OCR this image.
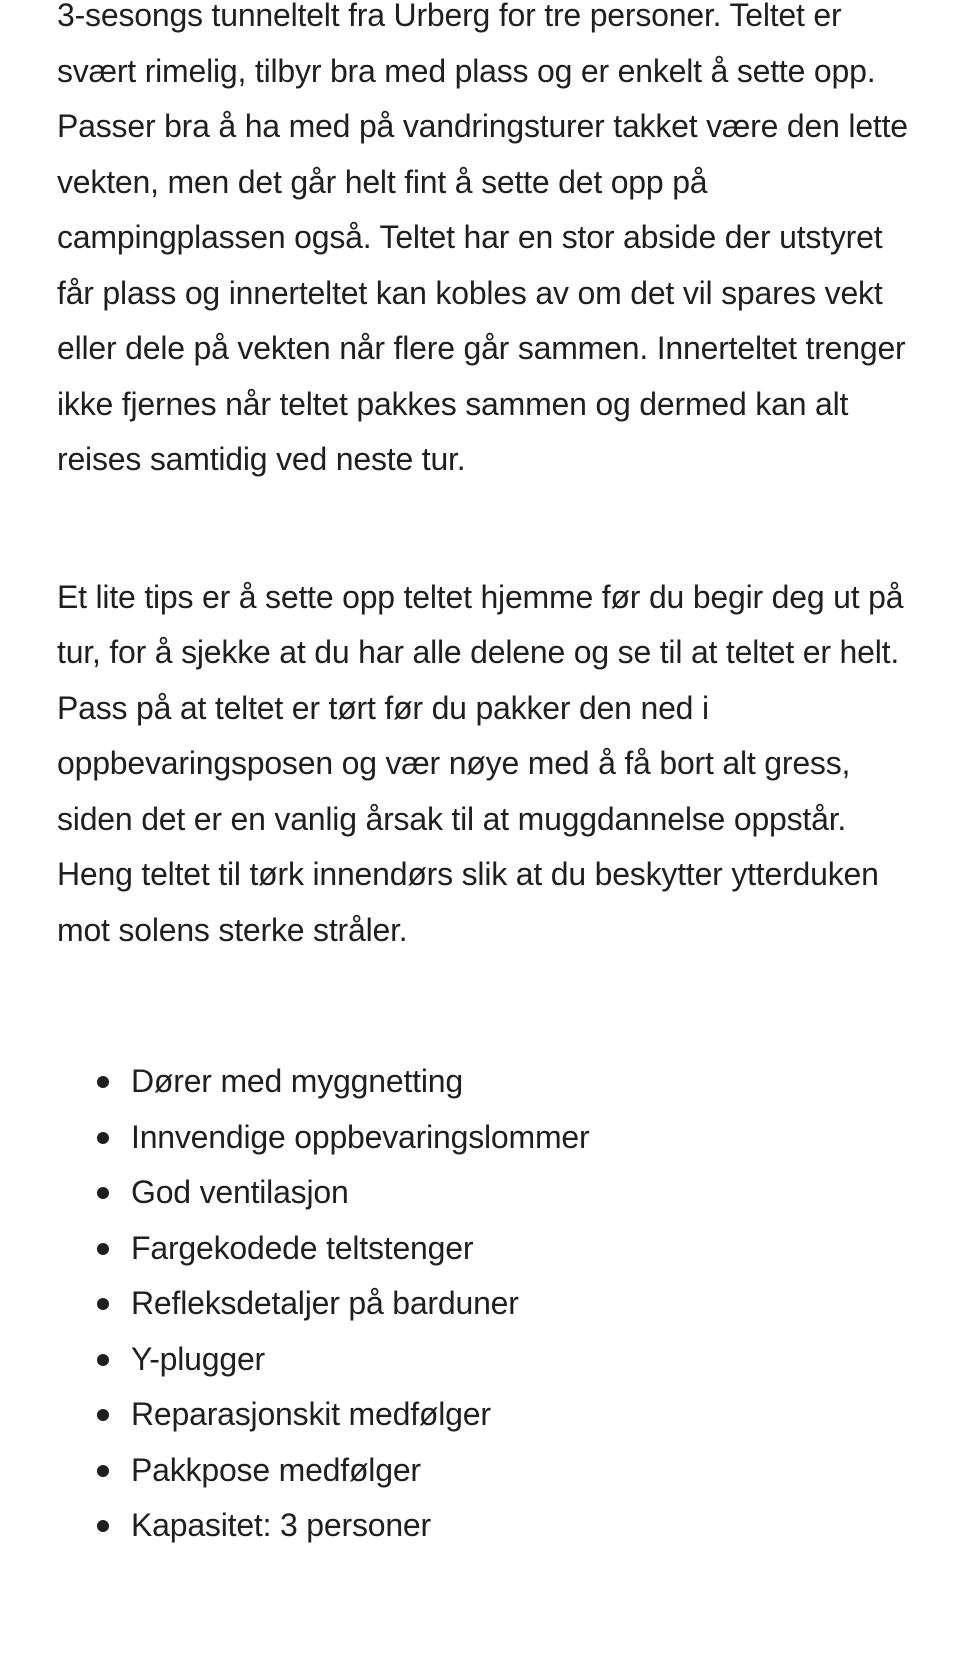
3-sesongs tunneltelt fra Urberg for tre personer. Teltet er svært rimelig, tilbyr bra med plass og er enkelt å sette opp. Passer bra å ha med på vandringsturer takket være den lette vekten, men det går helt fint å sette det opp på campingplassen også. Teltet har en stor abside der utstyret får plass og innerteltet kan kobles av om det vil spares vekt eller dele på vekten når flere går sammen. Innerteltet trenger ikke fjernes når teltet pakkes sammen og dermed kan alt reises samtidig ved neste tur.

Et lite tips er å sette opp teltet hjemme før du begir deg ut på tur, for å sjekke at du har alle delene og se til at teltet er helt. Pass på at teltet er tørt før du pakker den ned i oppbevaringsposen og vær nøye med å få bort alt gress, siden det er en vanlig årsak til at muggdannelse oppstår. Heng teltet til tørk innendørs slik at du beskytter ytterduken mot solens sterke stråler.

Dører med myggnetting
Innvendige oppbevaringslommer
God ventilasjon
Fargekodede teltstenger
Refleksdetaljer på barduner
Y-plugger
Reparasjonskit medfølger
Pakkpose medfølger
Kapasitet: 3 personer
